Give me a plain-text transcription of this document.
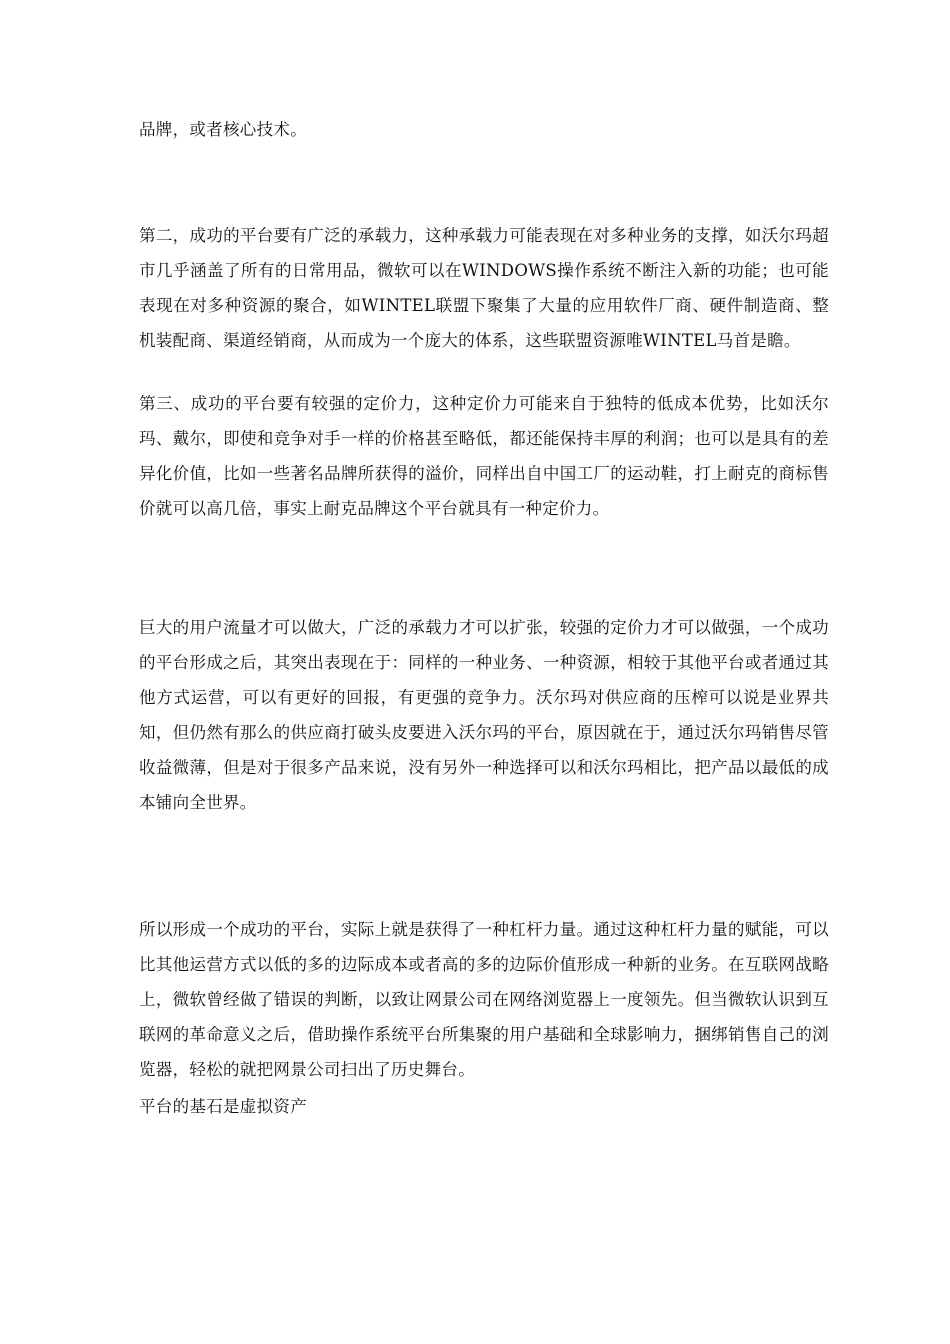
品牌，或者核心技术。

第二，成功的平台要有广泛的承载力，这种承载力可能表现在对多种业务的支撑，如沃尔玛超市几乎涵盖了所有的日常用品，微软可以在WINDOWS操作系统不断注入新的功能；也可能表现在对多种资源的聚合，如WINTEL联盟下聚集了大量的应用软件厂商、硬件制造商、整机装配商、渠道经销商，从而成为一个庞大的体系，这些联盟资源唯WINTEL马首是瞻。

第三、成功的平台要有较强的定价力，这种定价力可能来自于独特的低成本优势，比如沃尔玛、戴尔，即使和竞争对手一样的价格甚至略低，都还能保持丰厚的利润；也可以是具有的差异化价值，比如一些著名品牌所获得的溢价，同样出自中国工厂的运动鞋，打上耐克的商标售价就可以高几倍，事实上耐克品牌这个平台就具有一种定价力。

巨大的用户流量才可以做大，广泛的承载力才可以扩张，较强的定价力才可以做强，一个成功的平台形成之后，其突出表现在于：同样的一种业务、一种资源，相较于其他平台或者通过其他方式运营，可以有更好的回报，有更强的竞争力。沃尔玛对供应商的压榨可以说是业界共知，但仍然有那么的供应商打破头皮要进入沃尔玛的平台，原因就在于，通过沃尔玛销售尽管收益微薄，但是对于很多产品来说，没有另外一种选择可以和沃尔玛相比，把产品以最低的成本铺向全世界。

所以形成一个成功的平台，实际上就是获得了一种杠杆力量。通过这种杠杆力量的赋能，可以比其他运营方式以低的多的边际成本或者高的多的边际价值形成一种新的业务。在互联网战略上，微软曾经做了错误的判断，以致让网景公司在网络浏览器上一度领先。但当微软认识到互联网的革命意义之后，借助操作系统平台所集聚的用户基础和全球影响力，捆绑销售自己的浏览器，轻松的就把网景公司扫出了历史舞台。

平台的基石是虚拟资产
